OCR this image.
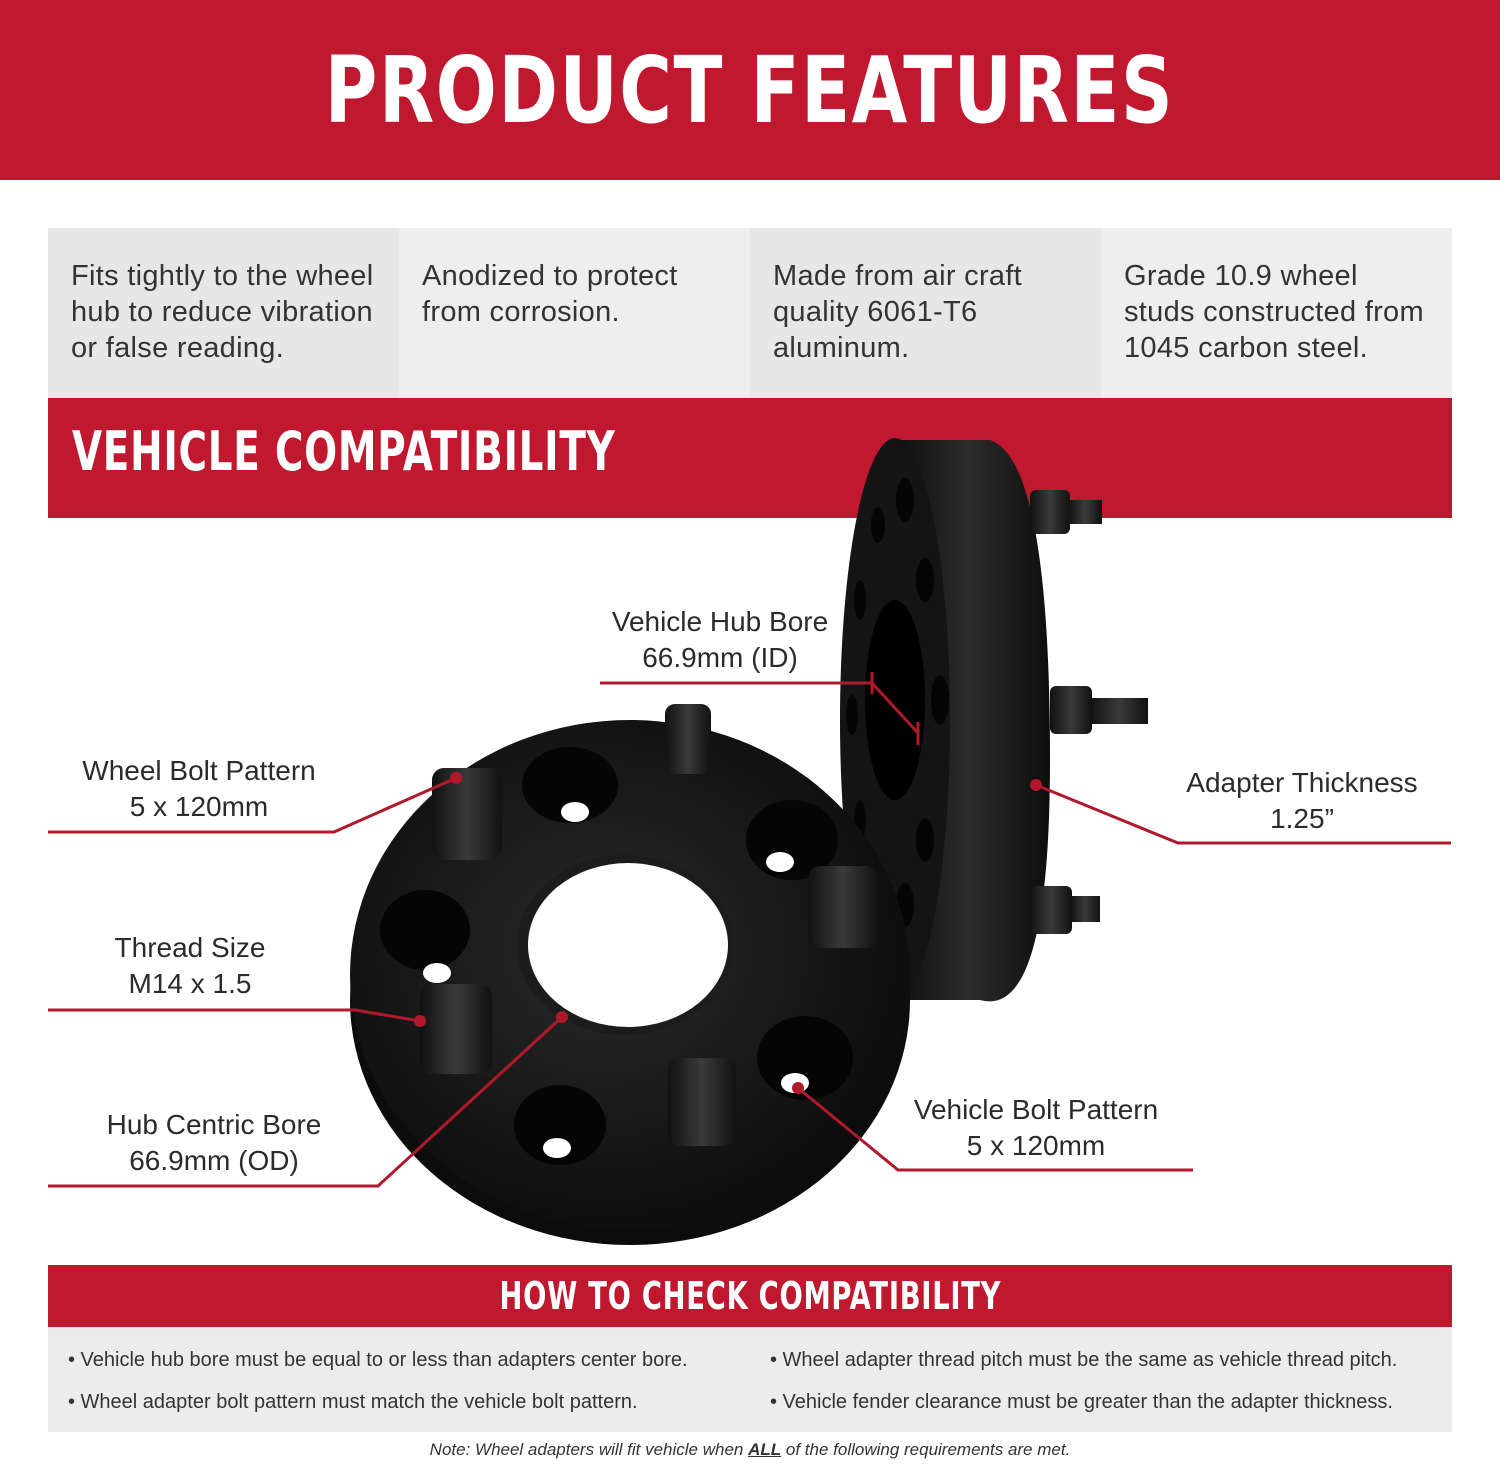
PRODUCT FEATURES
Fits tightly to the wheel hub to reduce vibration or false reading.
Anodized to protect from corrosion.
Made from air craft quality 6061-T6 aluminum.
Grade 10.9 wheel studs constructed from 1045 carbon steel.
VEHICLE COMPATIBILITY
Vehicle Hub Bore
66.9mm (ID)
Wheel Bolt Pattern
5 x 120mm
Thread Size
M14 x 1.5
Hub Centric Bore
66.9mm (OD)
Adapter Thickness
1.25”
Vehicle Bolt Pattern
5 x 120mm
HOW TO CHECK COMPATIBILITY
• Vehicle hub bore must be equal to or less than adapters center bore.	• Wheel adapter thread pitch must be the same as vehicle thread pitch.
• Wheel adapter bolt pattern must match the vehicle bolt pattern.	• Vehicle fender clearance must be greater than the adapter thickness.
Note: Wheel adapters will fit vehicle when ALL of the following requirements are met.
